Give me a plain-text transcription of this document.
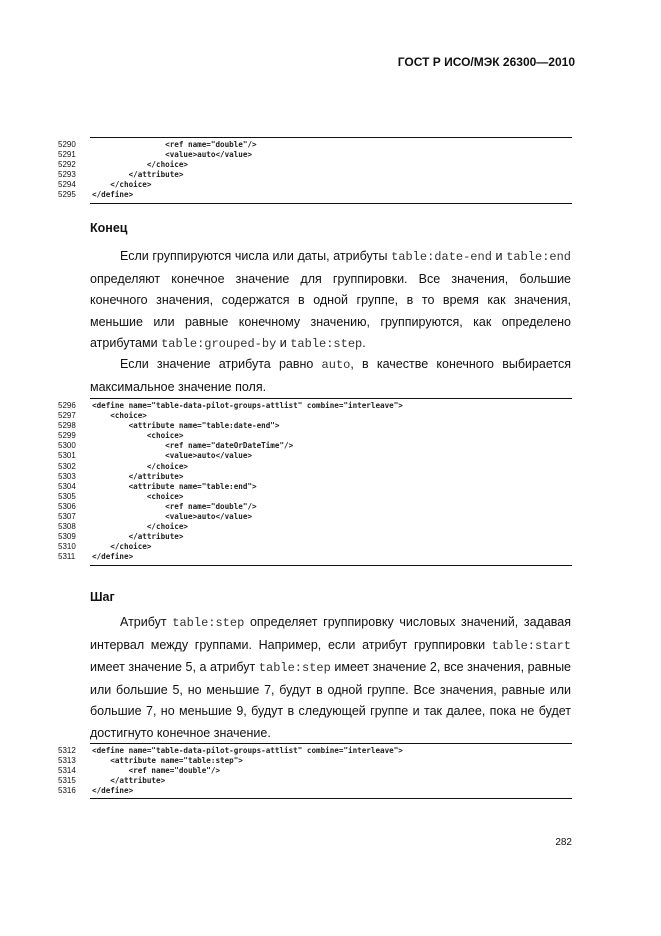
ГОСТ Р ИСО/МЭК 26300—2010
5290	<ref name="double"/>
5291	<value>auto</value>
5292	</choice>
5293	</attribute>
5294	</choice>
5295	</define>
Конец
Если группируются числа или даты, атрибуты table:date-end и table:end определяют конечное значение для группировки. Все значения, большие конечного значения, содержатся в одной группе, в то время как значения, меньшие или равные конечному значению, группируются, как определено атрибутами table:grouped-by и table:step.
Если значение атрибута равно auto, в качестве конечного выбирается максимальное значение поля.
5296	<define name="table-data-pilot-groups-attlist" combine="interleave">
5297	<choice>
5298	<attribute name="table:date-end">
5299	<choice>
5300	<ref name="dateOrDateTime"/>
5301	<value>auto</value>
5302	</choice>
5303	</attribute>
5304	<attribute name="table:end">
5305	<choice>
5306	<ref name="double"/>
5307	<value>auto</value>
5308	</choice>
5309	</attribute>
5310	</choice>
5311	</define>
Шаг
Атрибут table:step определяет группировку числовых значений, задавая интервал между группами. Например, если атрибут группировки table:start имеет значение 5, а атрибут table:step имеет значение 2, все значения, равные или большие 5, но меньшие 7, будут в одной группе. Все значения, равные или большие 7, но меньшие 9, будут в следующей группе и так далее, пока не будет достигнуто конечное значение.
5312	<define name="table-data-pilot-groups-attlist" combine="interleave">
5313	<attribute name="table:step">
5314	<ref name="double"/>
5315	</attribute>
5316	</define>
282
